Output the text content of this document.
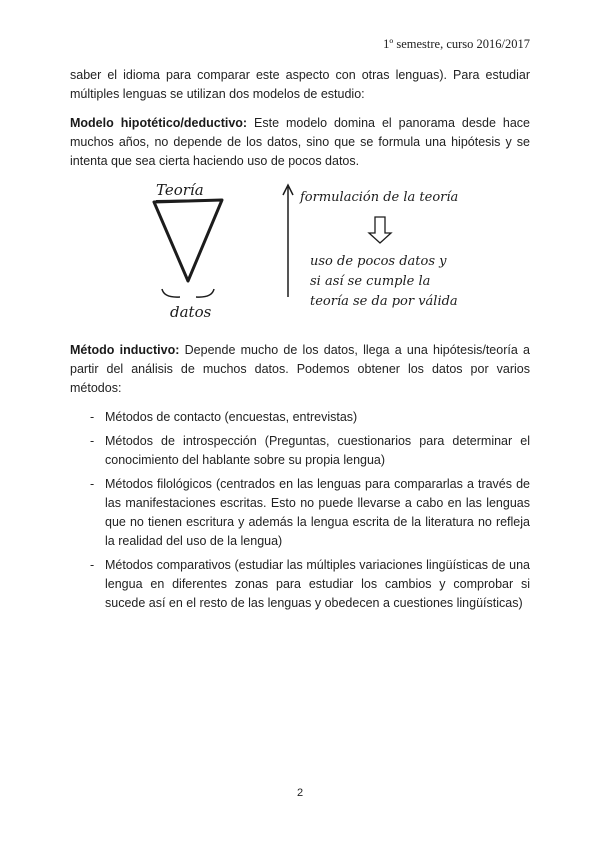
1º semestre, curso 2016/2017

saber el idioma para comparar este aspecto con otras lenguas). Para estudiar múltiples lenguas se utilizan dos modelos de estudio:

Modelo hipotético/deductivo: Este modelo domina el panorama desde hace muchos años, no depende de los datos, sino que se formula una hipótesis y se intenta que sea cierta haciendo uso de pocos datos.

Teoría
datos
formulación de la teoría
uso de pocos datos y
si así se cumple la
teoría se da por válida

Método inductivo: Depende mucho de los datos, llega a una hipótesis/teoría a partir del análisis de muchos datos. Podemos obtener los datos por varios métodos:

- Métodos de contacto (encuestas, entrevistas)
- Métodos de introspección (Preguntas, cuestionarios para determinar el conocimiento del hablante sobre su propia lengua)
- Métodos filológicos (centrados en las lenguas para compararlas a través de las manifestaciones escritas. Esto no puede llevarse a cabo en las lenguas que no tienen escritura y además la lengua escrita de la literatura no refleja la realidad del uso de la lengua)
- Métodos comparativos (estudiar las múltiples variaciones lingüísticas de una lengua en diferentes zonas para estudiar los cambios y comprobar si sucede así en el resto de las lenguas y obedecen a cuestiones lingüísticas)
2
